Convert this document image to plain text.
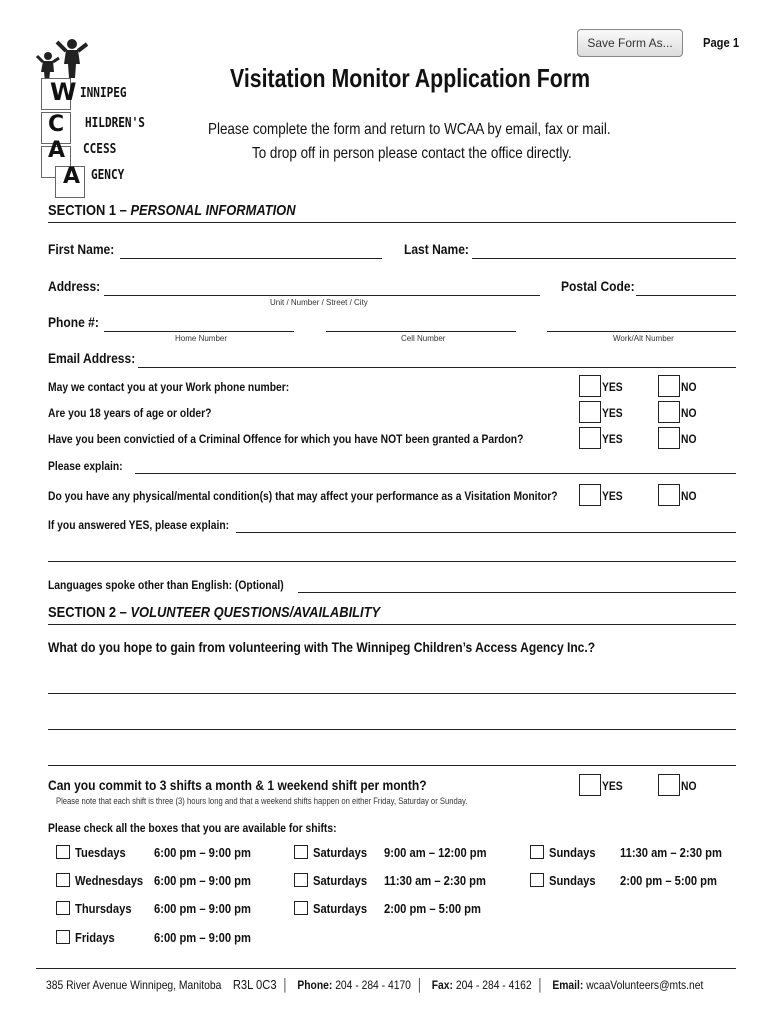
Save Form As... Page 1
W
C
A
A
INNIPEG
HILDREN'S
CCESS
GENCY
Visitation Monitor Application Form
Please complete the form and return to WCAA by email, fax or mail.
To drop off in person please contact the office directly.
SECTION 1 – PERSONAL INFORMATION
First Name:	Last Name:
Address:
Unit / Number / Street / City
Postal Code:
Phone #:
Home Number	Cell Number	Work/Alt Number
Email Address:
May we contact you at your Work phone number:	YES	NO
Are you 18 years of age or older?	YES	NO
Have you been convictied of a Criminal Offence for which you have NOT been granted a Pardon?	YES	NO
Please explain:
Do you have any physical/mental condition(s) that may affect your performance as a Visitation Monitor?	YES	NO
If you answered YES, please explain:
Languages spoke other than English: (Optional)
SECTION 2 – VOLUNTEER QUESTIONS/AVAILABILITY
What do you hope to gain from volunteering with The Winnipeg Children’s Access Agency Inc.?
Can you commit to 3 shifts a month & 1 weekend shift per month?
Please note that each shift is three (3) hours long and that a weekend shifts happen on either Friday, Saturday or Sunday.
YES	NO
Please check all the boxes that you are available for shifts:
Tuesdays 6:00 pm – 9:00 pm
Wednesdays 6:00 pm – 9:00 pm
Thursdays 6:00 pm – 9:00 pm
Fridays	6:00 pm – 9:00 pm
Saturdays 9:00 am – 12:00 pm
Saturdays 11:30 am – 2:30 pm
Saturdays 2:00 pm – 5:00 pm
Sundays 11:30 am – 2:30 pm
Sundays 2:00 pm – 5:00 pm
385 River Avenue Winnipeg, Manitoba R3L 0C3  │   Phone: 204 - 284 - 4170  │   Fax: 204 - 284 - 4162  │   Email: wcaaVolunteers@mts.net
